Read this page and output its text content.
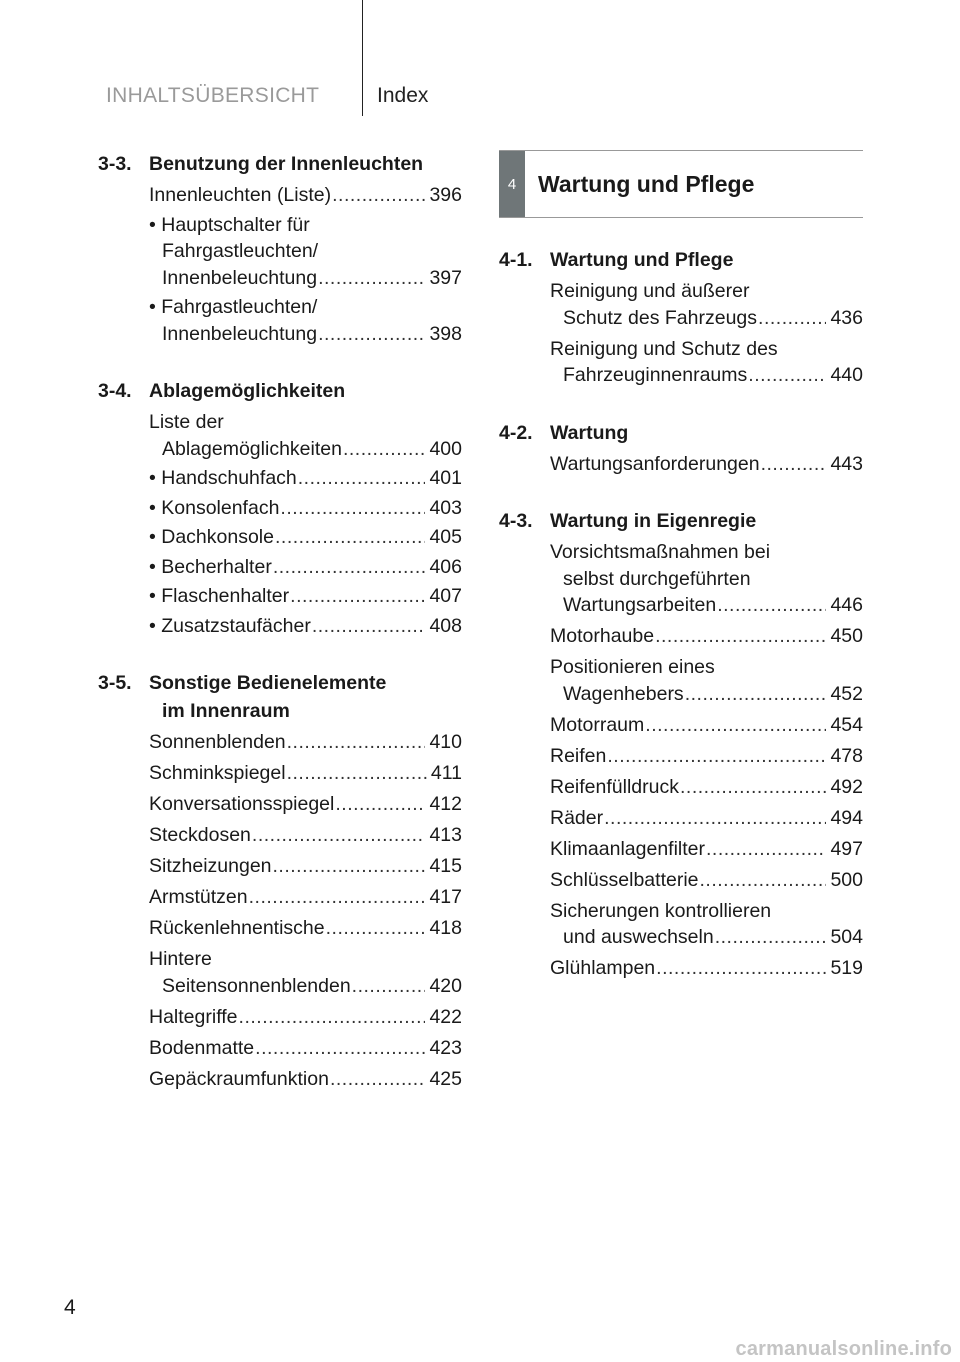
INHALTSÜBERSICHT	Index
3-3. Benutzung der Innenleuchten
Innenleuchten (Liste) .....	396
• Hauptschalter für
Fahrgastleuchten/
Innenbeleuchtung .....	397
• Fahrgastleuchten/
Innenbeleuchtung .....	398
3-4. Ablagemöglichkeiten
Liste der
Ablagemöglichkeiten .....	400
• Handschuhfach .....	401
• Konsolenfach .....	403
• Dachkonsole .....	405
• Becherhalter .....	406
• Flaschenhalter .....	407
• Zusatzstaufächer .....	408
3-5. Sonstige Bedienelemente
im Innenraum
Sonnenblenden .....	410
Schminkspiegel .....	411
Konversationsspiegel .....	412
Steckdosen .....	413
Sitzheizungen .....	415
Armstützen .....	417
Rückenlehnentische .....	418
Hintere
Seitensonnenblenden .....	420
Haltegriffe .....	422
Bodenmatte .....	423
Gepäckraumfunktion .....	425
4 Wartung und Pflege
4-1. Wartung und Pflege
Reinigung und äußerer
Schutz des Fahrzeugs .....	436
Reinigung und Schutz des
Fahrzeuginnenraums .....	440
4-2. Wartung
Wartungsanforderungen .....	443
4-3. Wartung in Eigenregie
Vorsichtsmaßnahmen bei
selbst durchgeführten
Wartungsarbeiten .....	446
Motorhaube .....	450
Positionieren eines
Wagenhebers .....	452
Motorraum .....	454
Reifen .....	478
Reifenfülldruck .....	492
Räder .....	494
Klimaanlagenfilter .....	497
Schlüsselbatterie .....	500
Sicherungen kontrollieren
und auswechseln .....	504
Glühlampen .....	519
4
carmanualsonline.info
